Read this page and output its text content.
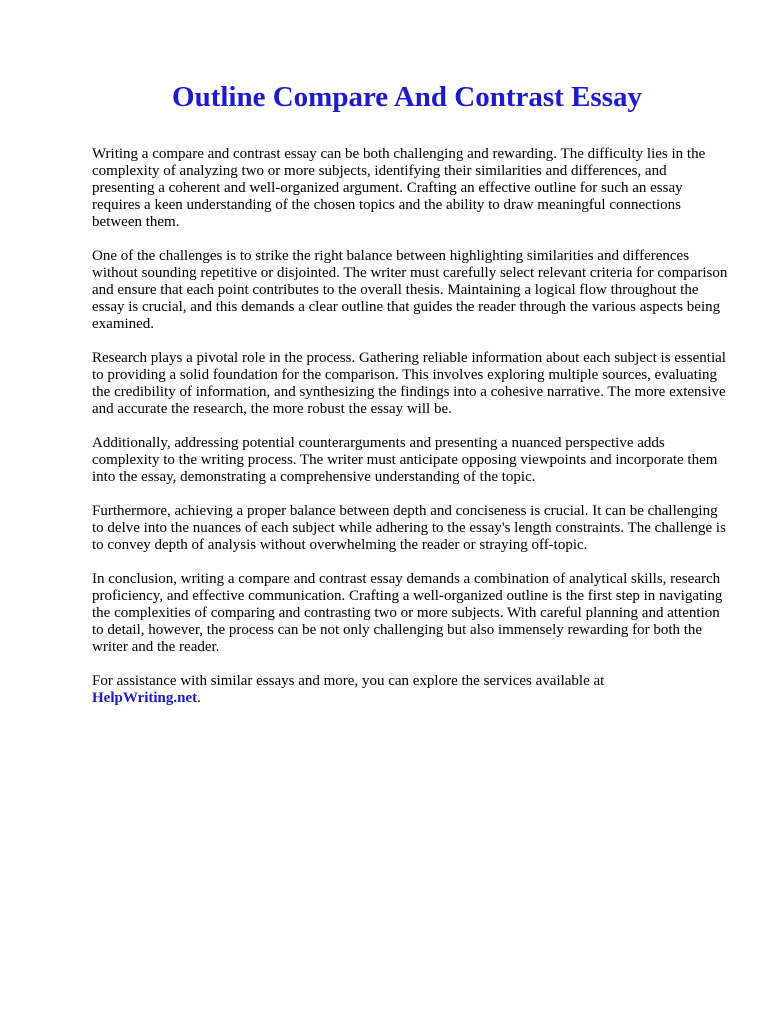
Outline Compare And Contrast Essay

Writing a compare and contrast essay can be both challenging and rewarding. The difficulty lies in the complexity of analyzing two or more subjects, identifying their similarities and differences, and presenting a coherent and well-organized argument. Crafting an effective outline for such an essay requires a keen understanding of the chosen topics and the ability to draw meaningful connections between them.

One of the challenges is to strike the right balance between highlighting similarities and differences without sounding repetitive or disjointed. The writer must carefully select relevant criteria for comparison and ensure that each point contributes to the overall thesis. Maintaining a logical flow throughout the essay is crucial, and this demands a clear outline that guides the reader through the various aspects being examined.

Research plays a pivotal role in the process. Gathering reliable information about each subject is essential to providing a solid foundation for the comparison. This involves exploring multiple sources, evaluating the credibility of information, and synthesizing the findings into a cohesive narrative. The more extensive and accurate the research, the more robust the essay will be.

Additionally, addressing potential counterarguments and presenting a nuanced perspective adds complexity to the writing process. The writer must anticipate opposing viewpoints and incorporate them into the essay, demonstrating a comprehensive understanding of the topic.

Furthermore, achieving a proper balance between depth and conciseness is crucial. It can be challenging to delve into the nuances of each subject while adhering to the essay's length constraints. The challenge is to convey depth of analysis without overwhelming the reader or straying off-topic.

In conclusion, writing a compare and contrast essay demands a combination of analytical skills, research proficiency, and effective communication. Crafting a well-organized outline is the first step in navigating the complexities of comparing and contrasting two or more subjects. With careful planning and attention to detail, however, the process can be not only challenging but also immensely rewarding for both the writer and the reader.

For assistance with similar essays and more, you can explore the services available at
HelpWriting.net.
